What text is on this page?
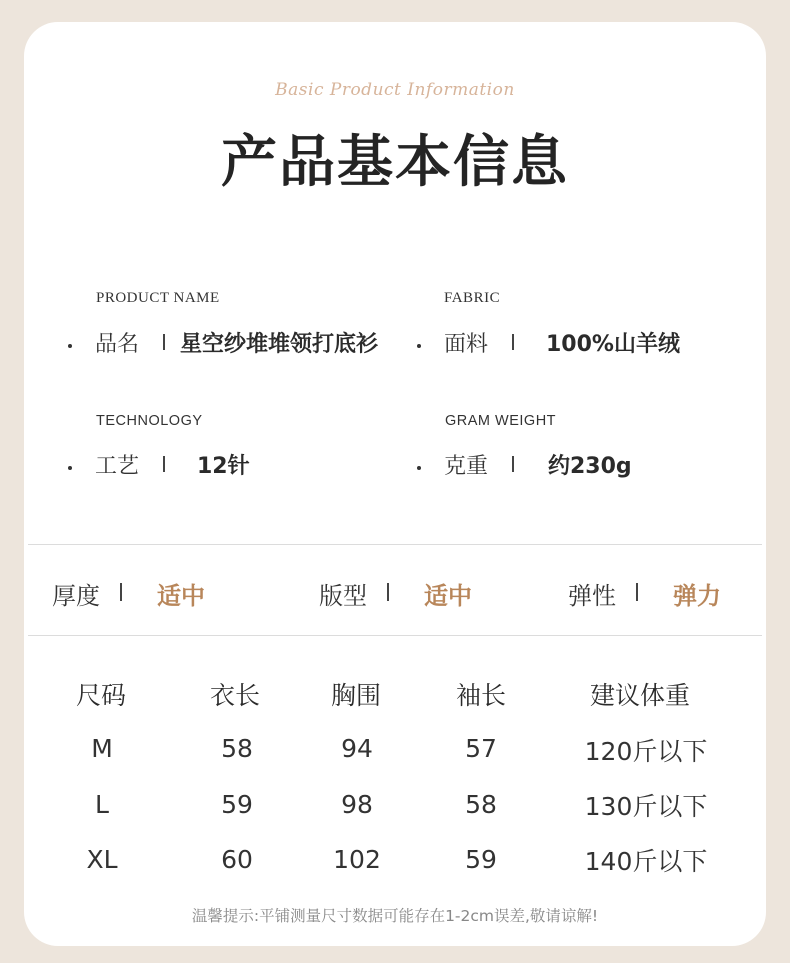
Basic Product Information
产品基本信息
PRODUCT NAME
品名 星空纱堆堆领打底衫
FABRIC
面料	100%山羊绒
TECHNOLOGY
工艺	12针
GRAM WEIGHT
克重	约230g
厚度 适中	版型 适中	弹性 弹力
尺码	衣长	胸围	袖长	建议体重
M	58	94	57	120斤以下
L	59	98	58	130斤以下
XL	60	102	59	140斤以下
温馨提示:平铺测量尺寸数据可能存在1-2cm误差,敬请谅解!
